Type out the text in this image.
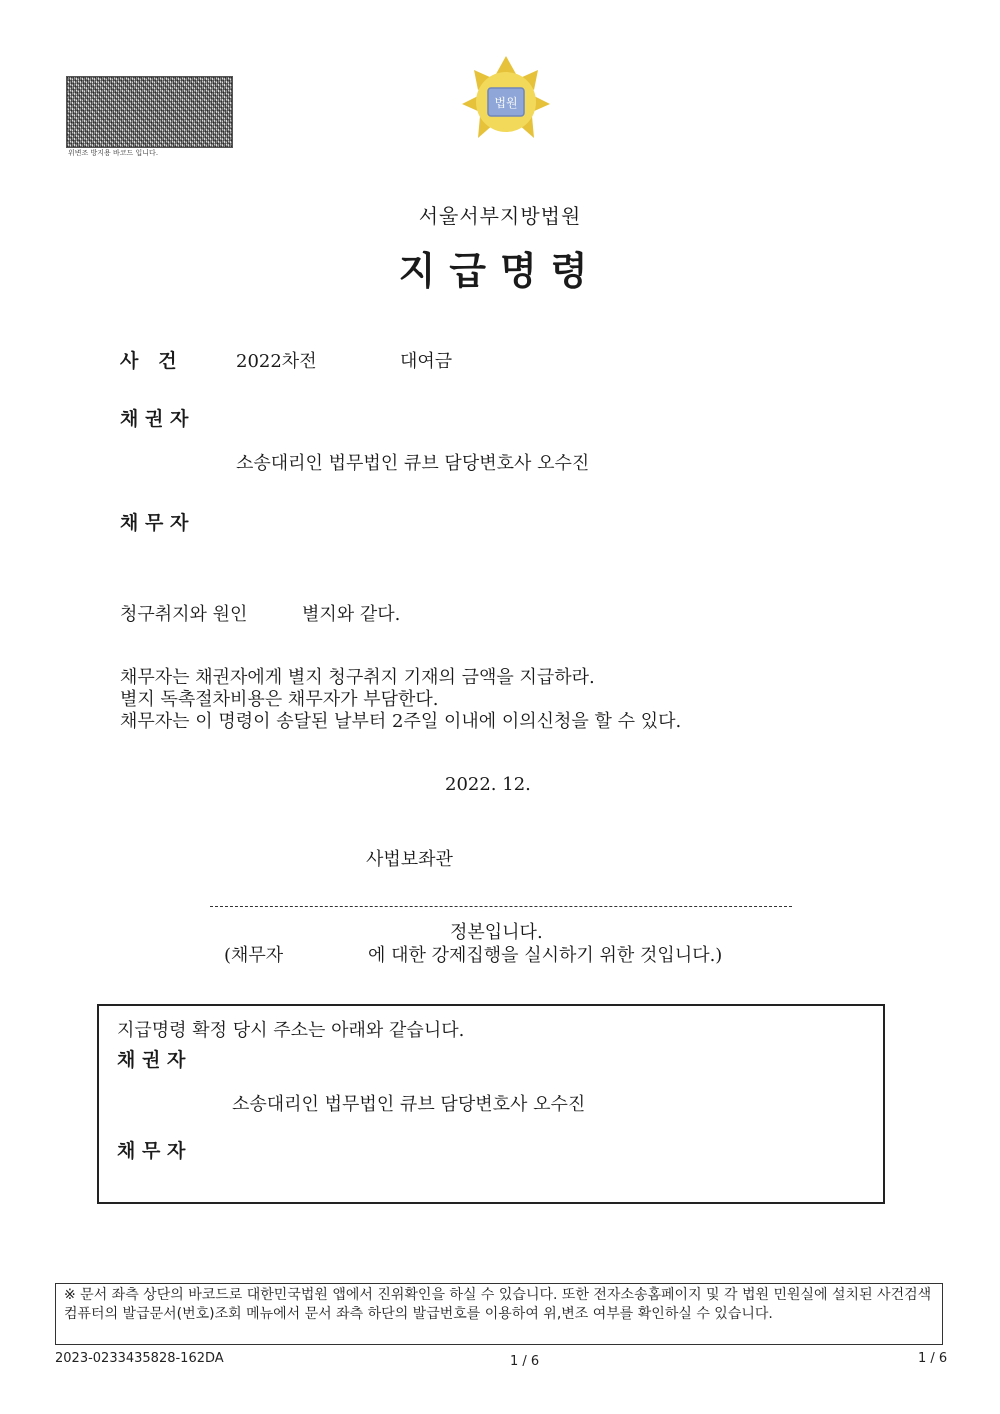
위변조 방지용 바코드 입니다.
법원
서울서부지방법원
지급명령
사   건	2022차전	대여금
채 권 자
소송대리인 법무법인 큐브 담당변호사 오수진
채 무 자
청구취지와 원인	별지와 같다.
채무자는 채권자에게 별지 청구취지 기재의 금액을 지급하라.
별지 독촉절차비용은 채무자가 부담한다.
채무자는 이 명령이 송달된 날부터 2주일 이내에 이의신청을 할 수 있다.
2022. 12.
사법보좌관
정본입니다.
(채무자	에 대한 강제집행을 실시하기 위한 것입니다.)
지급명령 확정 당시 주소는 아래와 같습니다.
채 권 자
소송대리인 법무법인 큐브 담당변호사 오수진
채 무 자
※ 문서 좌측 상단의 바코드로 대한민국법원 앱에서 진위확인을 하실 수 있습니다. 또한 전자소송홈페이지 및 각 법원 민원실에 설치된 사건검색 컴퓨터의 발급문서(번호)조회 메뉴에서 문서 좌측 하단의 발급번호를 이용하여 위,변조 여부를 확인하실 수 있습니다.
2023-0233435828-162DA	1 / 6	1 / 6
